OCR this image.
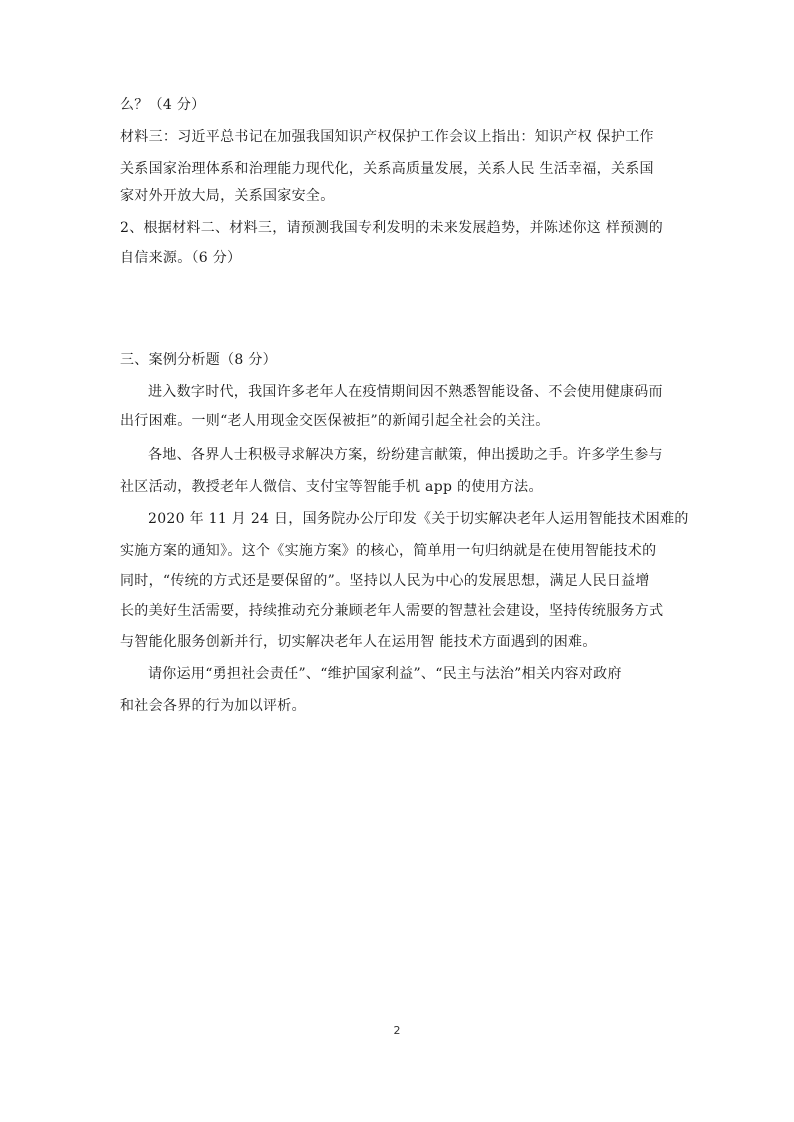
么？（4 分）
材料三：习近平总书记在加强我国知识产权保护工作会议上指出：知识产权 保护工作
关系国家治理体系和治理能力现代化，关系高质量发展，关系人民 生活幸福，关系国
家对外开放大局，关系国家安全。
2、根据材料二、材料三，请预测我国专利发明的未来发展趋势，并陈述你这 样预测的
自信来源。（6 分）
三、案例分析题（8 分）
进入数字时代，我国许多老年人在疫情期间因不熟悉智能设备、不会使用健康码而
出行困难。一则“老人用现金交医保被拒”的新闻引起全社会的关注。
各地、各界人士积极寻求解决方案，纷纷建言献策，伸出援助之手。许多学生参与
社区活动，教授老年人微信、支付宝等智能手机 app 的使用方法。
2020 年 11 月 24 日，国务院办公厅印发《关于切实解决老年人运用智能技术困难的
实施方案的通知》。这个《实施方案》的核心，简单用一句归纳就是在使用智能技术的
同时，“传统的方式还是要保留的”。坚持以人民为中心的发展思想，满足人民日益增
长的美好生活需要，持续推动充分兼顾老年人需要的智慧社会建设，坚持传统服务方式
与智能化服务创新并行，切实解决老年人在运用智 能技术方面遇到的困难。
请你运用“勇担社会责任”、“维护国家利益”、“民主与法治”相关内容对政府
和社会各界的行为加以评析。
2
